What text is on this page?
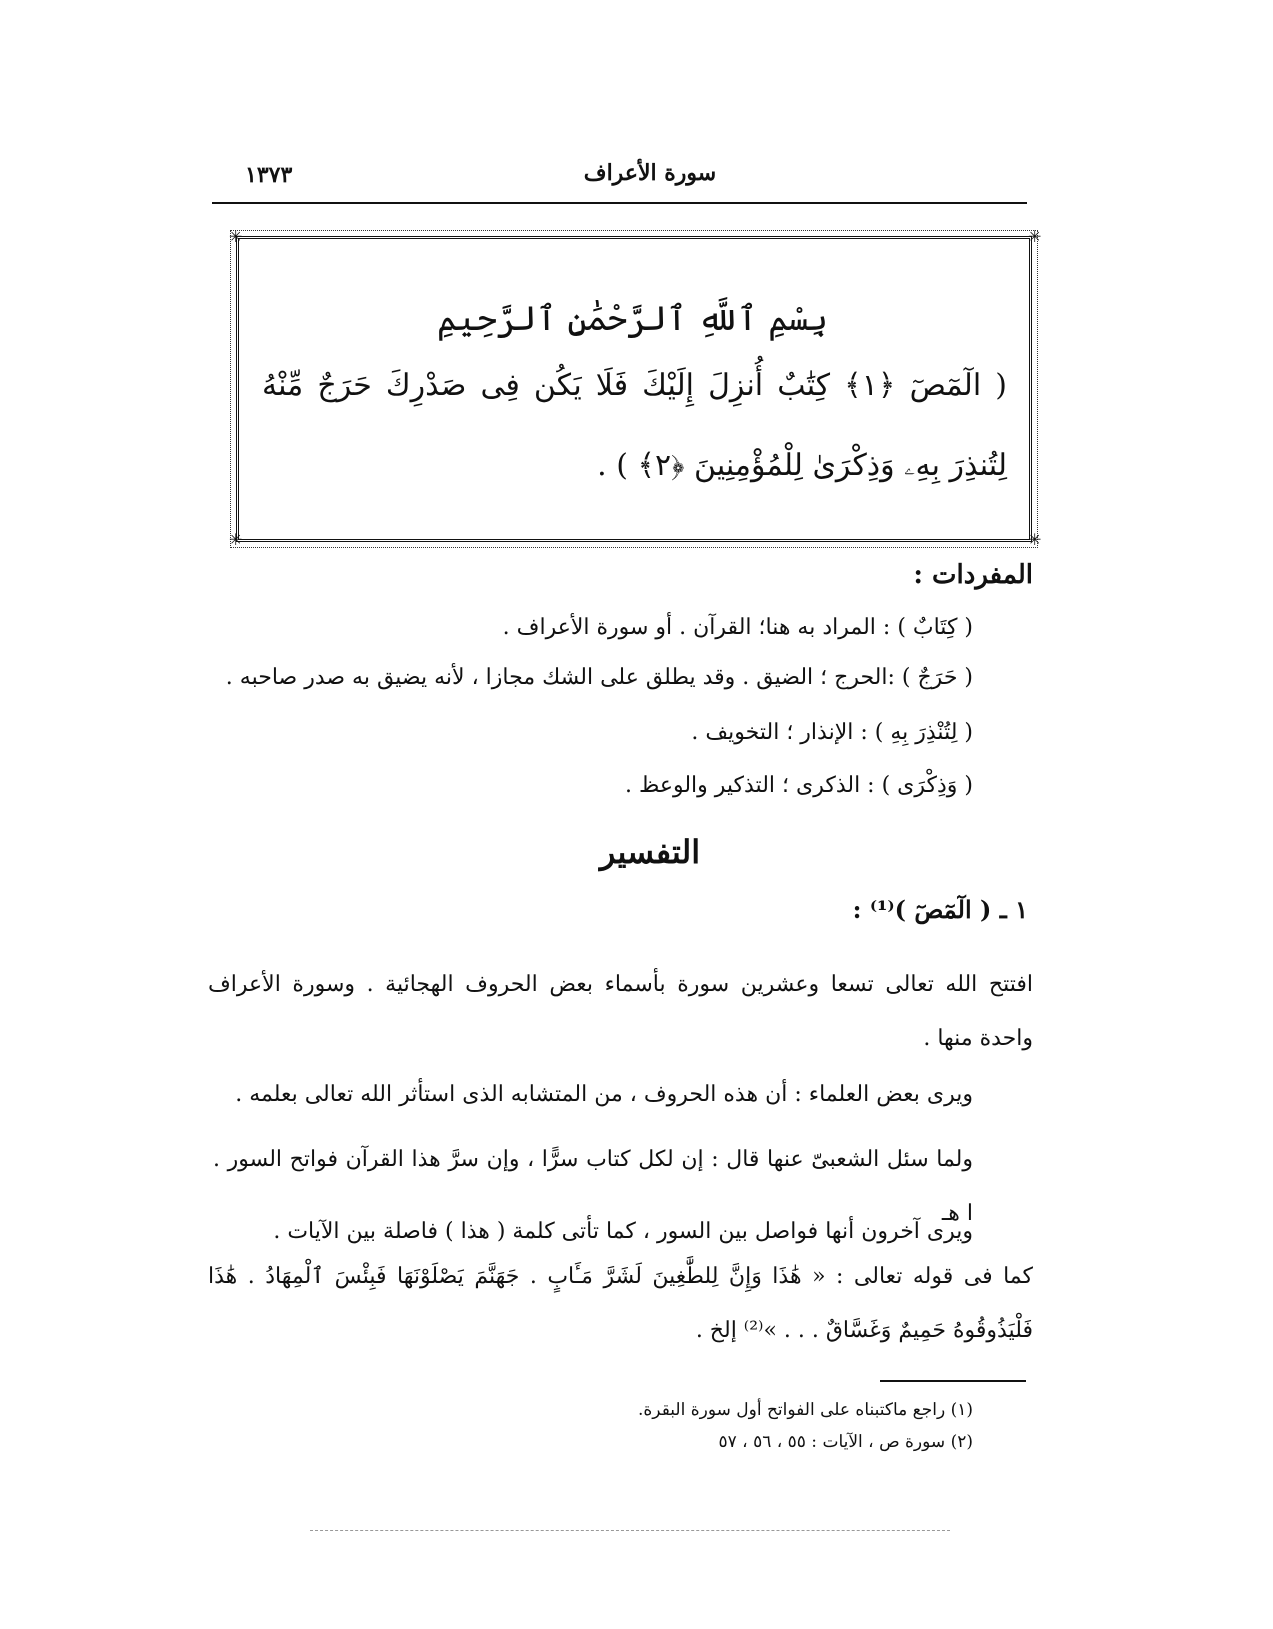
سورة الأعراف
١٣٧٣
✳	✳
✳	✳
بِسْمِ ٱللَّهِ ٱلرَّحْمَٰنِ ٱلرَّحِيمِ
( الٓمٓصٓ ﴿١﴾ كِتَٰبٌ أُنزِلَ إِلَيْكَ فَلَا يَكُن فِى صَدْرِكَ حَرَجٌ مِّنْهُ
لِتُنذِرَ بِهِۦ وَذِكْرَىٰ لِلْمُؤْمِنِينَ ﴿٢﴾ ) .
المفردات :
( كِتَابٌ ) : المراد به هنا؛ القرآن . أو سورة الأعراف .
( حَرَجٌ ) :الحرج ؛ الضيق . وقد يطلق على الشك مجازا ، لأنه يضيق به صدر صاحبه .
( لِتُنْذِرَ بِهِ ) : الإنذار ؛ التخويف .
( وَذِكْرَى ) : الذكرى ؛ التذكير والوعظ .
التفسير
١ ـ ( الٓمٓصٓ )⁽¹⁾ :
افتتح الله تعالى تسعا وعشرين سورة بأسماء بعض الحروف الهجائية . وسورة الأعراف واحدة منها .
ويرى بعض العلماء : أن هذه الحروف ، من المتشابه الذى استأثر الله تعالى بعلمه .
ولما سئل الشعبىّ عنها قال : إن لكل كتاب سرًّا ، وإن سرَّ هذا القرآن فواتح السور . ا هـ
ويرى آخرون أنها فواصل بين السور ، كما تأتى كلمة ( هذا ) فاصلة بين الآيات .
كما فى قوله تعالى : « هَٰذَا وَإِنَّ لِلطَّٰغِينَ لَشَرَّ مَـَٔابٍ . جَهَنَّمَ يَصْلَوْنَهَا فَبِئْسَ ٱلْمِهَادُ . هَٰذَا فَلْيَذُوقُوهُ حَمِيمٌ وَغَسَّاقٌ . . . »⁽²⁾ إلخ .
(١) راجع ماكتبناه على الفواتح أول سورة البقرة.
(٢) سورة ص ، الآيات : ٥٥ ، ٥٦ ، ٥٧
